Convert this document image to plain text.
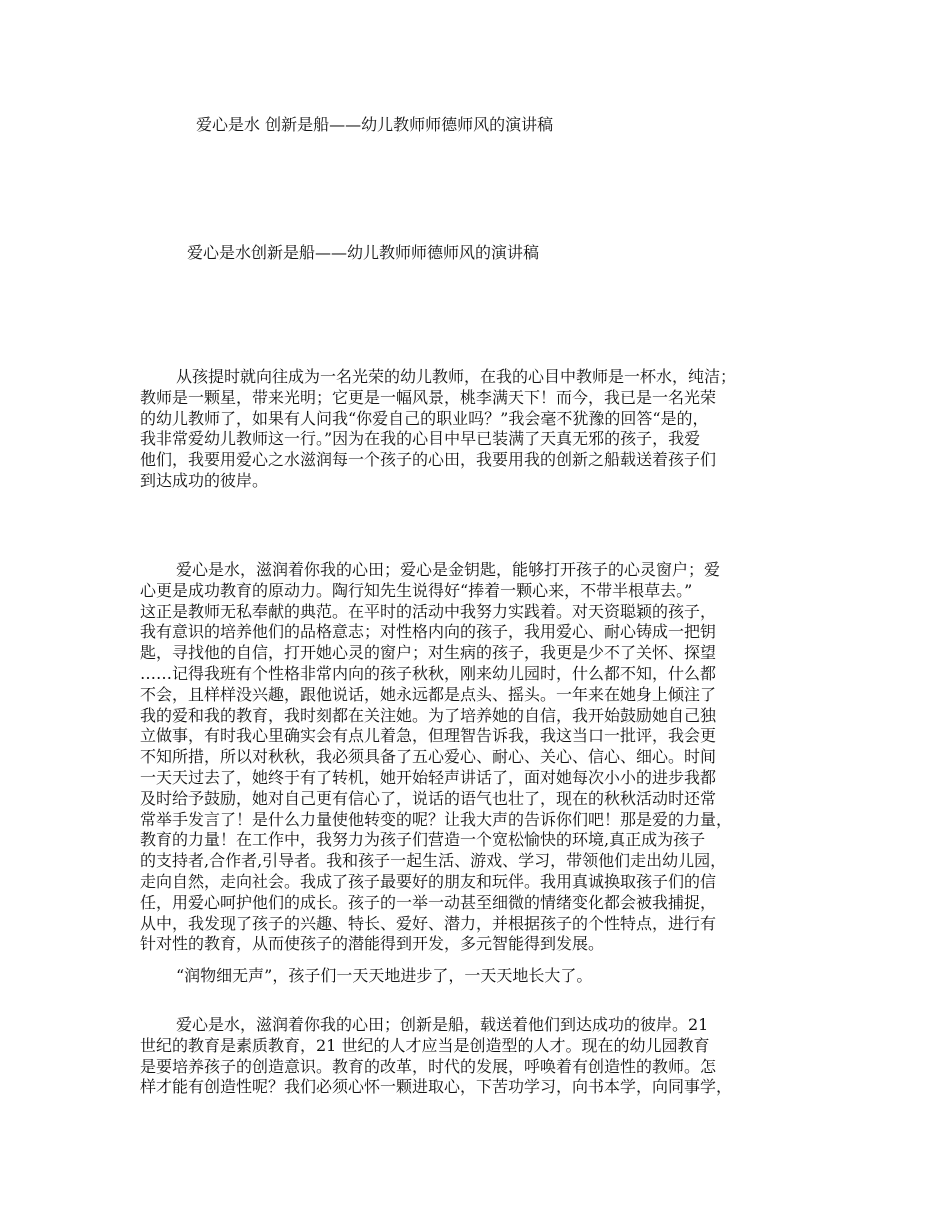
爱心是水 创新是船——幼儿教师师德师风的演讲稿
爱心是水创新是船——幼儿教师师德师风的演讲稿
从孩提时就向往成为一名光荣的幼儿教师，在我的心目中教师是一杯水，纯洁；
教师是一颗星，带来光明；它更是一幅风景，桃李满天下！而今，我已是一名光荣
的幼儿教师了，如果有人问我“你爱自己的职业吗？”我会毫不犹豫的回答“是的，
我非常爱幼儿教师这一行。”因为在我的心目中早已装满了天真无邪的孩子，我爱
他们，我要用爱心之水滋润每一个孩子的心田，我要用我的创新之船载送着孩子们
到达成功的彼岸。
爱心是水，滋润着你我的心田；爱心是金钥匙，能够打开孩子的心灵窗户；爱
心更是成功教育的原动力。陶行知先生说得好“捧着一颗心来，不带半根草去。”
这正是教师无私奉献的典范。在平时的活动中我努力实践着。对天资聪颖的孩子，
我有意识的培养他们的品格意志；对性格内向的孩子，我用爱心、耐心铸成一把钥
匙，寻找他的自信，打开她心灵的窗户；对生病的孩子，我更是少不了关怀、探望
……记得我班有个性格非常内向的孩子秋秋，刚来幼儿园时，什么都不知，什么都
不会，且样样没兴趣，跟他说话，她永远都是点头、摇头。一年来在她身上倾注了
我的爱和我的教育，我时刻都在关注她。为了培养她的自信，我开始鼓励她自己独
立做事，有时我心里确实会有点儿着急，但理智告诉我，我这当口一批评，我会更
不知所措，所以对秋秋，我必须具备了五心爱心、耐心、关心、信心、细心。时间
一天天过去了，她终于有了转机，她开始轻声讲话了，面对她每次小小的进步我都
及时给予鼓励，她对自己更有信心了，说话的语气也壮了，现在的秋秋活动时还常
常举手发言了！是什么力量使他转变的呢？让我大声的告诉你们吧！那是爱的力量，
教育的力量！在工作中，我努力为孩子们营造一个宽松愉快的环境,真正成为孩子
的支持者,合作者,引导者。我和孩子一起生活、游戏、学习，带领他们走出幼儿园，
走向自然，走向社会。我成了孩子最要好的朋友和玩伴。我用真诚换取孩子们的信
任，用爱心呵护他们的成长。孩子的一举一动甚至细微的情绪变化都会被我捕捉，
从中，我发现了孩子的兴趣、特长、爱好、潜力，并根据孩子的个性特点，进行有
针对性的教育，从而使孩子的潜能得到开发，多元智能得到发展。
“润物细无声”，孩子们一天天地进步了，一天天地长大了。
爱心是水，滋润着你我的心田；创新是船，载送着他们到达成功的彼岸。21
世纪的教育是素质教育，21 世纪的人才应当是创造型的人才。现在的幼儿园教育
是要培养孩子的创造意识。教育的改革，时代的发展，呼唤着有创造性的教师。怎
样才能有创造性呢？我们必须心怀一颗进取心，下苦功学习，向书本学，向同事学，
